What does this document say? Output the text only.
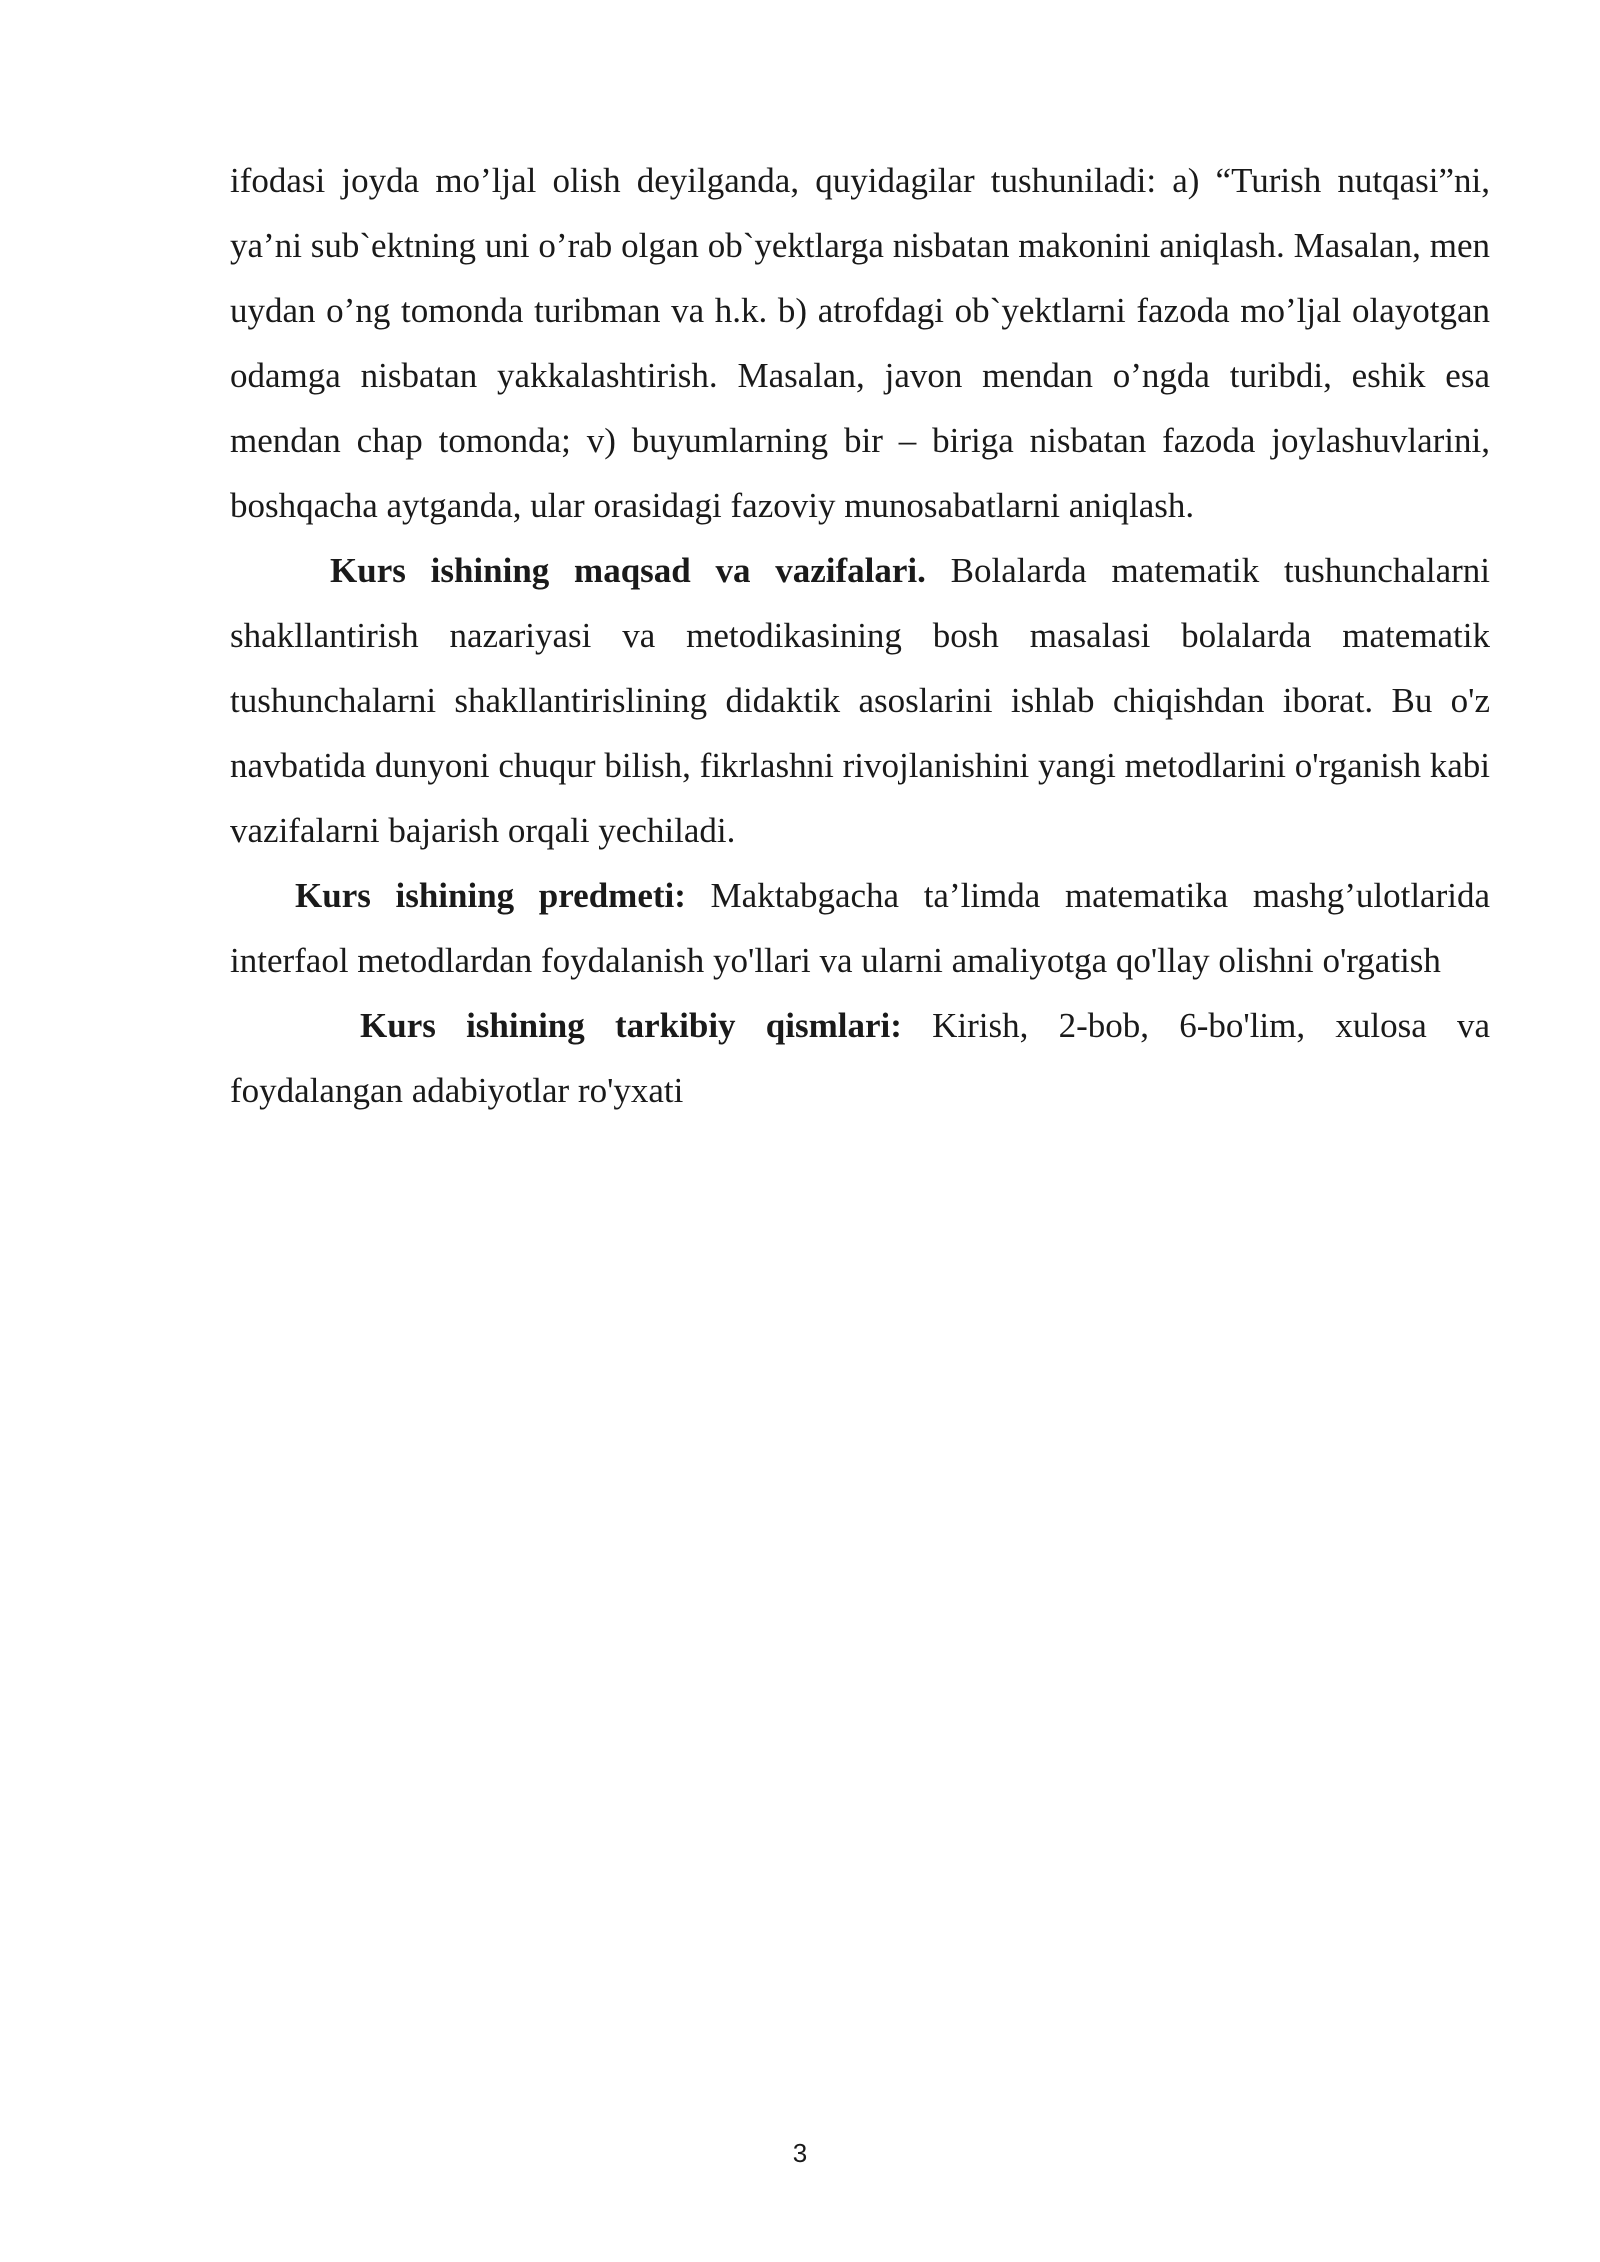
ifodasi joyda mo’ljal olish deyilganda, quyidagilar tushuniladi: a) “Turish nutqasi”ni, ya’ni sub`ektning uni o’rab olgan ob`yektlarga nisbatan makonini aniqlash. Masalan, men uydan o’ng tomonda turibman va h.k. b) atrofdagi ob`yektlarni fazoda mo’ljal olayotgan odamga nisbatan yakkalashtirish. Masalan, javon mendan o’ngda turibdi, eshik esa mendan chap tomonda; v) buyumlarning bir – biriga nisbatan fazoda joylashuvlarini, boshqacha aytganda, ular orasidagi fazoviy munosabatlarni aniqlash.

Kurs ishining maqsad va vazifalari. Bolalarda matematik tushunchalarni shakllantirish nazariyasi va metodikasining bosh masalasi bolalarda matematik tushunchalarni shakllantirislining didaktik asoslarini ishlab chiqishdan iborat. Bu o'z navbatida dunyoni chuqur bilish, fikrlashni rivojlanishini yangi metodlarini o'rganish kabi vazifalarni bajarish orqali yechiladi.

Kurs ishining predmeti: Maktabgacha ta’limda matematika mashg’ulotlarida interfaol metodlardan foydalanish yo'llari va ularni amaliyotga qo'llay olishni o'rgatish

Kurs ishining tarkibiy qismlari: Kirish, 2-bob, 6-bo'lim, xulosa va foydalangan adabiyotlar ro'yxati

3
